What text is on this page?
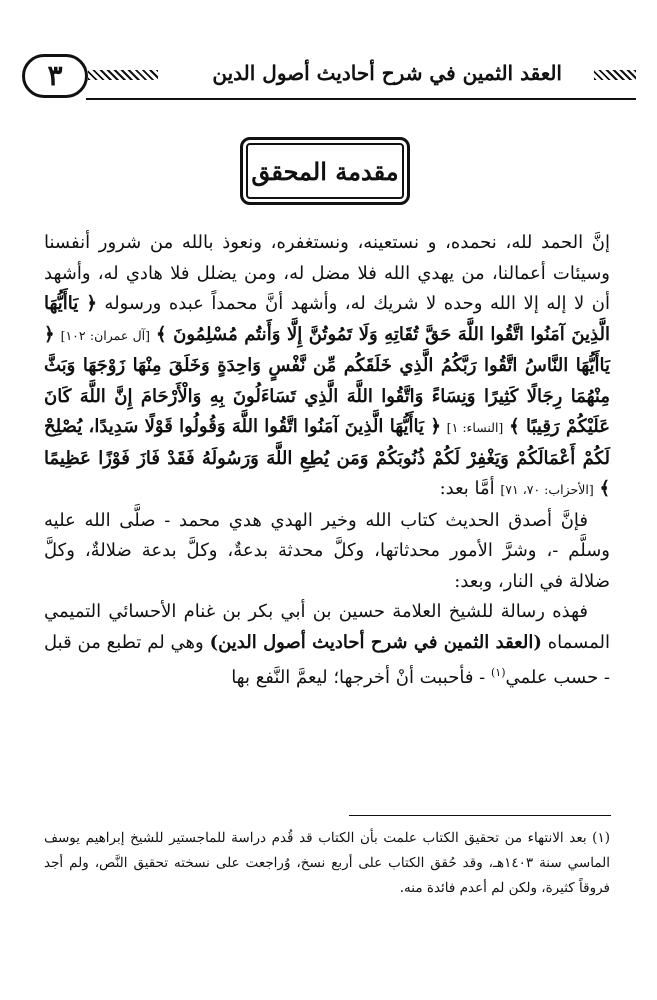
٣	العقد الثمين في شرح أحاديث أصول الدين
مقدمة المحقق

إنَّ الحمد لله، نحمده، و نستعينه، ونستغفره، ونعوذ بالله من شرور أنفسنا وسيئات أعمالنا، من يهدي الله فلا مضل له، ومن يضلل فلا هادي له، وأشهد أن لا إله إلا الله وحده لا شريك له، وأشهد أنَّ محمداً عبده ورسوله ﴿ يَاأَيُّهَا الَّذِينَ آمَنُوا اتَّقُوا اللَّهَ حَقَّ تُقَاتِهِ وَلَا تَمُوتُنَّ إِلَّا وَأَنتُم مُسْلِمُونَ ﴾ [آل عمران: ١٠٢] ﴿ يَاأَيُّهَا النَّاسُ اتَّقُوا رَبَّكُمُ الَّذِي خَلَقَكُم مِّن نَّفْسٍ وَاحِدَةٍ وَخَلَقَ مِنْهَا زَوْجَهَا وَبَثَّ مِنْهُمَا رِجَالًا كَثِيرًا وَنِسَاءً وَاتَّقُوا اللَّهَ الَّذِي تَسَاءَلُونَ بِهِ وَالْأَرْحَامَ إِنَّ اللَّهَ كَانَ عَلَيْكُمْ رَقِيبًا ﴾ [النساء: ١] ﴿ يَاأَيُّهَا الَّذِينَ آمَنُوا اتَّقُوا اللَّهَ وَقُولُوا قَوْلًا سَدِيدًا، يُصْلِحْ لَكُمْ أَعْمَالَكُمْ وَيَغْفِرْ لَكُمْ ذُنُوبَكُمْ وَمَن يُطِعِ اللَّهَ وَرَسُولَهُ فَقَدْ فَازَ فَوْزًا عَظِيمًا ﴾ [الأحزاب: ٧٠، ٧١] أمَّا بعد:

فإنَّ أصدق الحديث كتاب الله وخير الهدي هدي محمد - صلَّى الله عليه وسلَّم -، وشرَّ الأمور محدثاتها، وكلَّ محدثة بدعةٌ، وكلَّ بدعة ضلالةٌ، وكلَّ ضلالة في النار، وبعد:

فهذه رسالة للشيخ العلامة حسين بن أبي بكر بن غنام الأحسائي التميمي المسماه (العقد الثمين في شرح أحاديث أصول الدين) وهي لم تطبع من قبل - حسب علمي$^{(١)}$ - فأحببت أنْ أخرجها؛ ليعمَّ النَّفع بها

(١) بعد الانتهاء من تحقيق الكتاب علمت بأن الكتاب قد قُدم دراسة للماجستير للشيخ إبراهيم يوسف الماسي سنة ١٤٠٣هـ، وقد حُقق الكتاب على أربع نسخ، وُراجعت على نسخته تحقيق النَّص، ولم أجد فروقاً كثيرة، ولكن لم أعدم فائدة منه.
